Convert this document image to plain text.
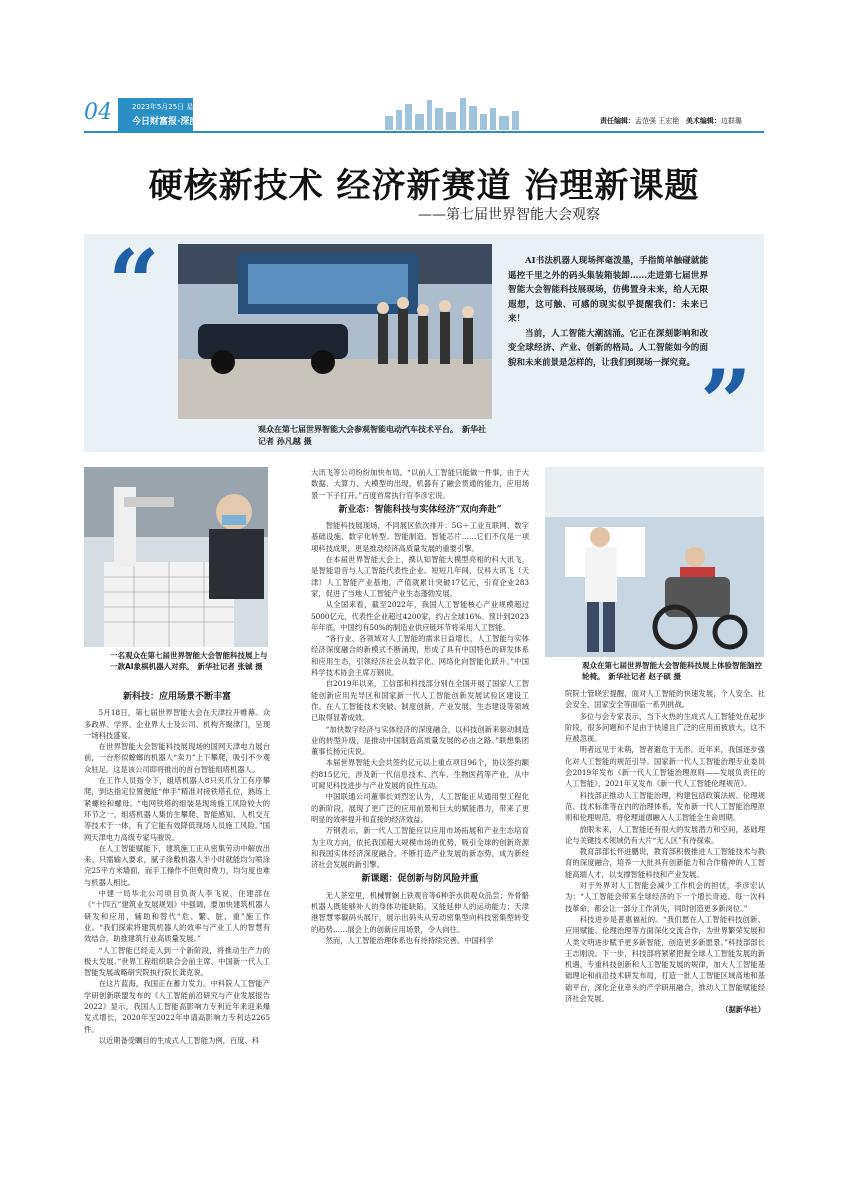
04	2023年5月25日 星期四
今日财富报·深度	责任编辑：孟范强 王宏艳 美术编辑：边群璐
硬核新技术 经济新赛道 治理新课题
——第七届世界智能大会观察
“
”
观众在第七届世界智能大会参观智能电动汽车技术平台。　新华社记者 孙凡越 摄

AI书法机器人现场挥毫泼墨，手指简单触碰就能遥控千里之外的码头集装箱装卸……走进第七届世界智能大会智能科技展现场，仿佛置身未来，给人无限遐想，这可触、可感的现实似乎提醒我们：未来已来！

当前，人工智能大潮汹涌。它正在深刻影响和改变全球经济、产业、创新的格局。人工智能如今的面貌和未来前景是怎样的，让我们到现场一探究竟。

一名观众在第七届世界智能大会智能科技展上与一款AI象棋机器人对弈。　新华社记者 张铖 摄	观众在第七届世界智能大会智能科技展上体验智能脑控轮椅。　新华社记者 赵子硕 摄
新科技：应用场景不断丰富

5月18日，第七届世界智能大会在天津拉开帷幕。众多政界、学界、企业界人士及公司、机构齐聚津门，呈现一场科技盛宴。

在世界智能大会智能科技展现场的国网天津电力展台前，一台形似螳螂的机器人“卖力”上下攀爬，吸引不少观众驻足。这是该公司即将推出的首台智能组塔机器人。

在工作人员指令下，组塔机器人8只夹爪分工有序攀爬，到达指定位置便能“伸手”精准对接铁塔孔位，熟练上紧螺栓和螺母。“电网铁塔的组装是现场施工风险较大的环节之一，组塔机器人集仿生攀爬、智能感知、人机交互等技术于一体，有了它能有效降低现场人员施工风险。”国网天津电力高级专家马骏说。

在人工智能赋能下，建筑施工正从密集劳动中解放出来。只需输入要求，腻子涂敷机器人半小时就能均匀喷涂完25平方米墙面，而手工操作不但费时费力，均匀度也难与机器人相比。

中建一局华北公司项目负责人李飞说，住建部在《“十四五”建筑业发展规划》中强调，要加快建筑机器人研发和应用，辅助和替代“危、繁、脏、重”施工作业。“我们探索将建筑机器人的效率与产业工人的智慧有效结合，助推建筑行业高质量发展。”

“人工智能已经走入到一个新阶段，将推动生产力的极大发展。”世界工程组织联合会前主席、中国新一代人工智能发展战略研究院执行院长龚克说。

在这片蓝海，我国正在蓄力发力。中科院人工智能产学研创新联盟发布的《人工智能前沿研究与产业发展报告2022》显示，我国人工智能高影响力专利近年来迎来爆发式增长，2020年至2022年申请高影响力专利达2265件。

以近期备受瞩目的生成式人工智能为例，百度、科

大讯飞等公司纷纷加快布局。“以前人工智能只能做一件事，由于大数据、大算力、大模型的出现，机器有了融会贯通的能力，应用场景一下子打开。”百度首席执行官李彦宏说。

新业态：智能科技与实体经济“双向奔赴”

智能科技展现场，不同展区依次排开：5G＋工业互联网、数字基础设施、数字化转型、智能制造、智能芯片……它们不仅是一项项科技成果，更是推动经济高质量发展的重要引擎。

在本届世界智能大会上，携认知智能大模型亮相的科大讯飞，是智能语音与人工智能代表性企业。短短几年间，仅科大讯飞（天津）人工智能产业基地，产值就累计突破17亿元，引育企业283家，促进了当地人工智能产业生态蓬勃发展。

从全国来看，截至2022年，我国人工智能核心产业规模超过5000亿元，代表性企业超过4200家，约占全球16%。预计到2023年年底，中国约有50%的制造业供应链环节将采用人工智能。

“各行业、各领域对人工智能的需求日益增长，人工智能与实体经济深度融合的新模式不断涌现，形成了具有中国特色的研发体系和应用生态，引领经济社会从数字化、网络化向智能化跃升。”中国科学技术协会主席万钢说。

自2019年以来，工信部和科技部分别在全国开展了国家人工智能创新应用先导区和国家新一代人工智能创新发展试验区建设工作。在人工智能技术突破、制度创新、产业发展、生态建设等领域已取得显著成效。

“加快数字经济与实体经济的深度融合，以科技创新来驱动制造业的转型升级，是推动中国制造高质量发展的必由之路。”联想集团董事长杨元庆说。

本届世界智能大会共签约亿元以上重点项目96个，协议签约额约815亿元，涉及新一代信息技术、汽车、生物医药等产业，从中可窥见科技进步与产业发展的良性互动。

中国联通公司董事长刘烈宏认为，人工智能正从通用型工程化的新阶段，展现了更广泛的应用前景和巨大的赋能潜力，带来了更明显的效率提升和直接的经济效益。

万钢表示，新一代人工智能应以应用市场拓展和产业生态培育为主攻方向，依托我国超大规模市场的优势，吸引全球的创新资源和我国实体经济深度融合。不断打造产业发展的新态势，成为新经济社会发展的新引擎。

新课题：促创新与防风险并重

无人茶室里，机械臂娴上铁观音等6种茶水供观众品尝；外骨骼机器人既能够补人的身体功能缺陷，又能延伸人的运动能力；天津港智慧零碳码头展厅，展示出码头从劳动密集型向科技密集型转变的趋势……展会上的创新应用场景，令人向往。

然而，人工智能治理体系也有待持续完善。中国科学

院院士管晓宏提醒，面对人工智能的快速发展，个人安全、社会安全、国家安全等面临一系列挑战。

多位与会专家表示，当下火热的生成式人工智能处在起步阶段，很多问题和不足由于快速且广泛的应用而被放大，这不应被忽视。

明者远见于未萌，智者避危于无形。近年来，我国逐步强化对人工智能的规范引导。国家新一代人工智能治理专业委员会2019年发布《新一代人工智能治理原则——发展负责任的人工智能》，2021年又发布《新一代人工智能伦理规范》。

科技部正推动人工智能治理，构建包括政策法规、伦理规范、技术标准等在内的治理体系，发布新一代人工智能治理原则和伦理规范，将伦理道德融入人工智能全生命周期。

放眼未来，人工智能还有很大的发展潜力和空间，基础理论与关键技术领域仍有大片“无人区”有待探索。

教育部部长怀进鹏说，教育部积极推进人工智能技术与教育的深度融合，培养一大批具有创新能力和合作精神的人工智能高端人才，以支撑智能科技和产业发展。

对于外界对人工智能会减少工作机会的担忧，李彦宏认为：“人工智能会带来全球经济的下一个增长奇迹。每一次科技革命，都会让一部分工作消失，同时创造更多新岗位。”

科技进步是普惠福祉的。“我们愿在人工智能科技创新、应用赋能、伦理治理等方面深化交流合作，为世界繁荣发展和人类文明进步赋予更多新智能，创造更多新愿景。”科技部部长王志刚说。下一步，科技部将紧紧把握全球人工智能发展的新机遇，专重科技创新和人工智能发展的规律，加大人工智能基础理论和前沿技术研发布局，打造一批人工智能区域高地和基础平台，深化企业牵头的产学研用融合，推动人工智能赋能经济社会发展。

（据新华社）
